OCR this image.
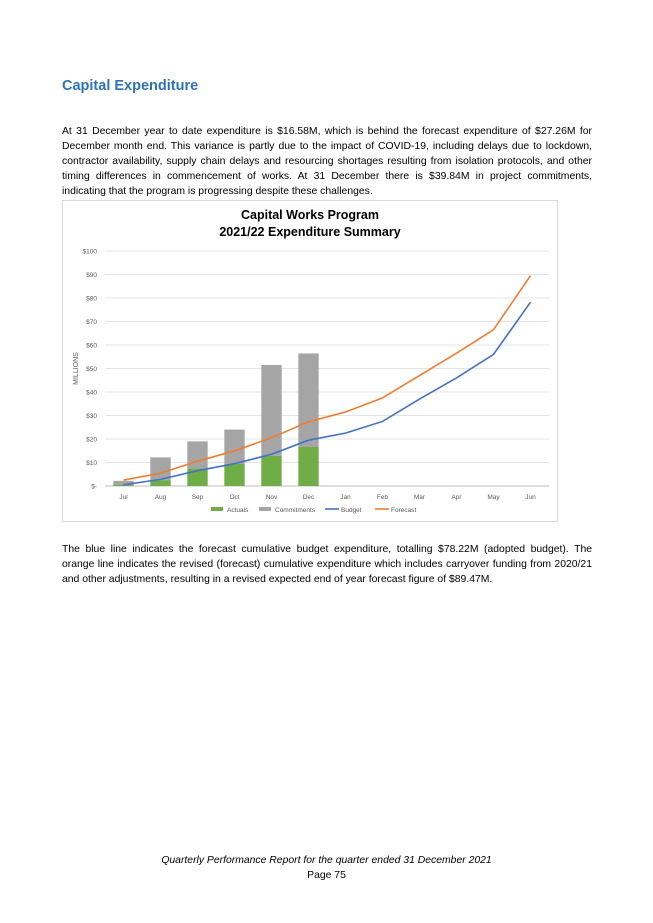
Capital Expenditure

At 31 December year to date expenditure is $16.58M, which is behind the forecast expenditure of $27.26M for December month end. This variance is partly due to the impact of COVID-19, including delays due to lockdown, contractor availability, supply chain delays and resourcing shortages resulting from isolation protocols, and other timing differences in commencement of works. At 31 December there is $39.84M in project commitments, indicating that the program is progressing despite these challenges.

Capital Works Program
2021/22 Expenditure Summary
MILLIONS
$-
$10
$20
$30
$40
$50
$60
$70
$80
$90
$100
Jul	Aug	Sep	Oct	Nov	Dec	Jan	Feb	Mar	Apr	May	Jun
Actuals	Commitments	Budget	Forecast

The blue line indicates the forecast cumulative budget expenditure, totalling $78.22M (adopted budget). The orange line indicates the revised (forecast) cumulative expenditure which includes carryover funding from 2020/21 and other adjustments, resulting in a revised expected end of year forecast figure of $89.47M.

Quarterly Performance Report for the quarter ended 31 December 2021
Page 75
